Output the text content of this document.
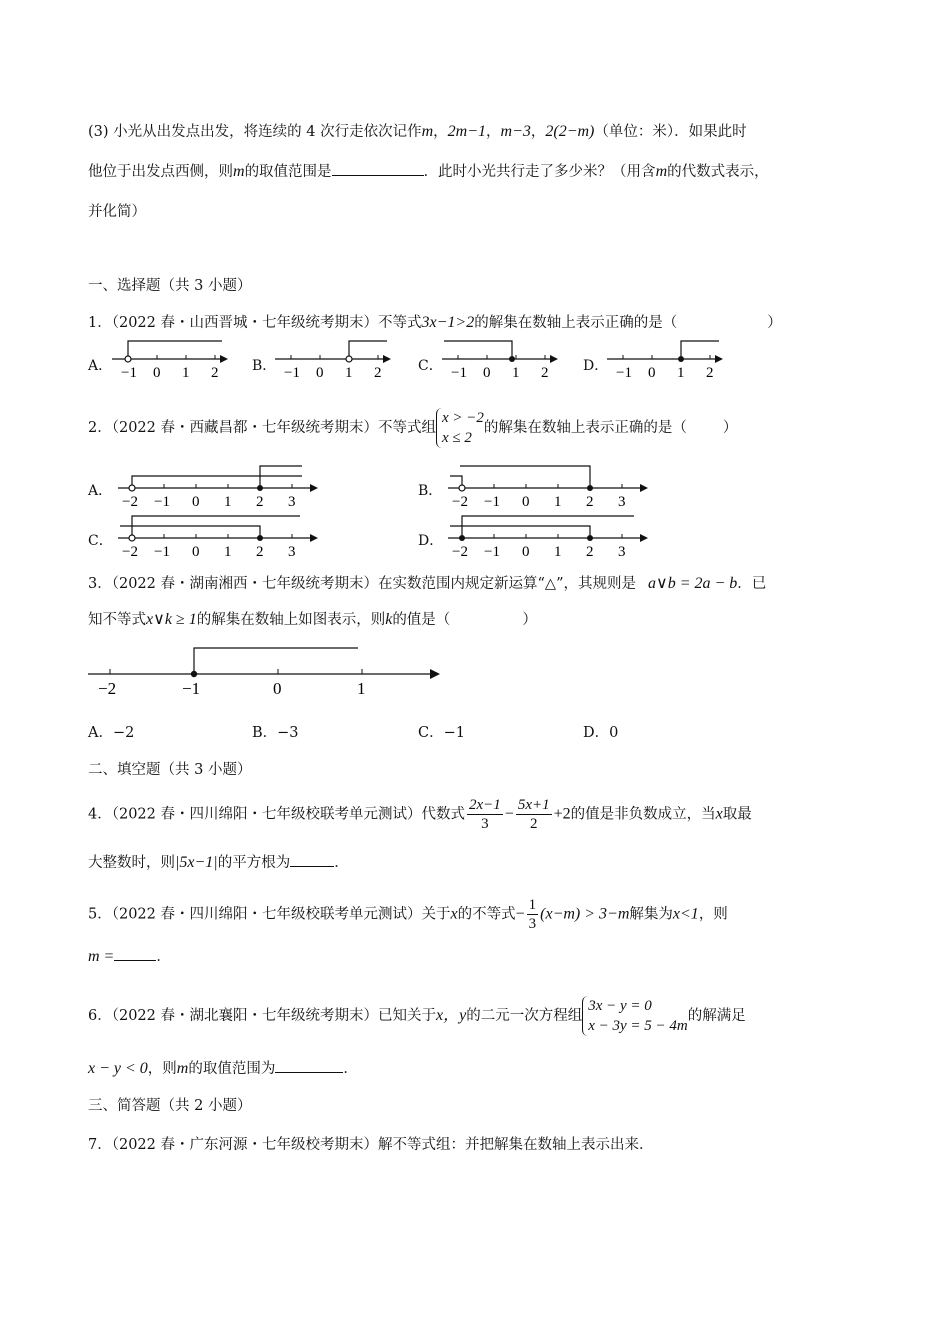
(3) 小光从出发点出发，将连续的 4 次行走依次记作m，2m−1，m−3，2(2−m)（单位：米）．如果此时
他位于出发点西侧，则m的取值范围是	．此时小光共行走了多少米？（用含m的代数式表示，
并化简）
一、选择题（共 3 小题）
1．（2022 春・山西晋城・七年级统考期末）不等式3x−1>2的解集在数轴上表示正确的是（	）
A．	B．	C．	D．
−1 0 1 2	−1 0 1 2	−1 0 1 2	−1 0 1 2
2．（2022 春・西藏昌都・七年级统考期末）不等式组
x > −2
x ≤ 2
的解集在数轴上表示正确的是（ ）
A．	B．
C．	D．
−2 −1 0 1 2 3	−2 −1 0 1 2 3
−2 −1 0 1 2 3	−2 −1 0 1 2 3
3．（2022 春・湖南湘西・七年级统考期末）在实数范围内规定新运算“△”，其规则是 a∨b = 2a − b．已
知不等式x∨k ≥ 1的解集在数轴上如图表示，则k的值是（	）
−2	−1	0	1
A．−2	B．−3	C．−1	D．0
二、填空题（共 3 小题）
4．（2022 春・四川绵阳・七年级校联考单元测试）代数式 $\frac{2x-1}{3} - \frac{5x+1}{2} +2$的值是非负数成立，当x取最
大整数时，则|5x−1|的平方根为	．
5．（2022 春・四川绵阳・七年级校联考单元测试）关于x的不等式− $\frac{1}{3} (x-m) > 3-m$解集为x<1，则
m =	．
6．（2022 春・湖北襄阳・七年级统考期末）已知关于x，y的二元一次方程组
3x − y = 0
x − 3y = 5 − 4m
的解满足
x − y < 0，则m的取值范围为	．
三、简答题（共 2 小题）
7．（2022 春・广东河源・七年级校考期末）解不等式组：并把解集在数轴上表示出来．
